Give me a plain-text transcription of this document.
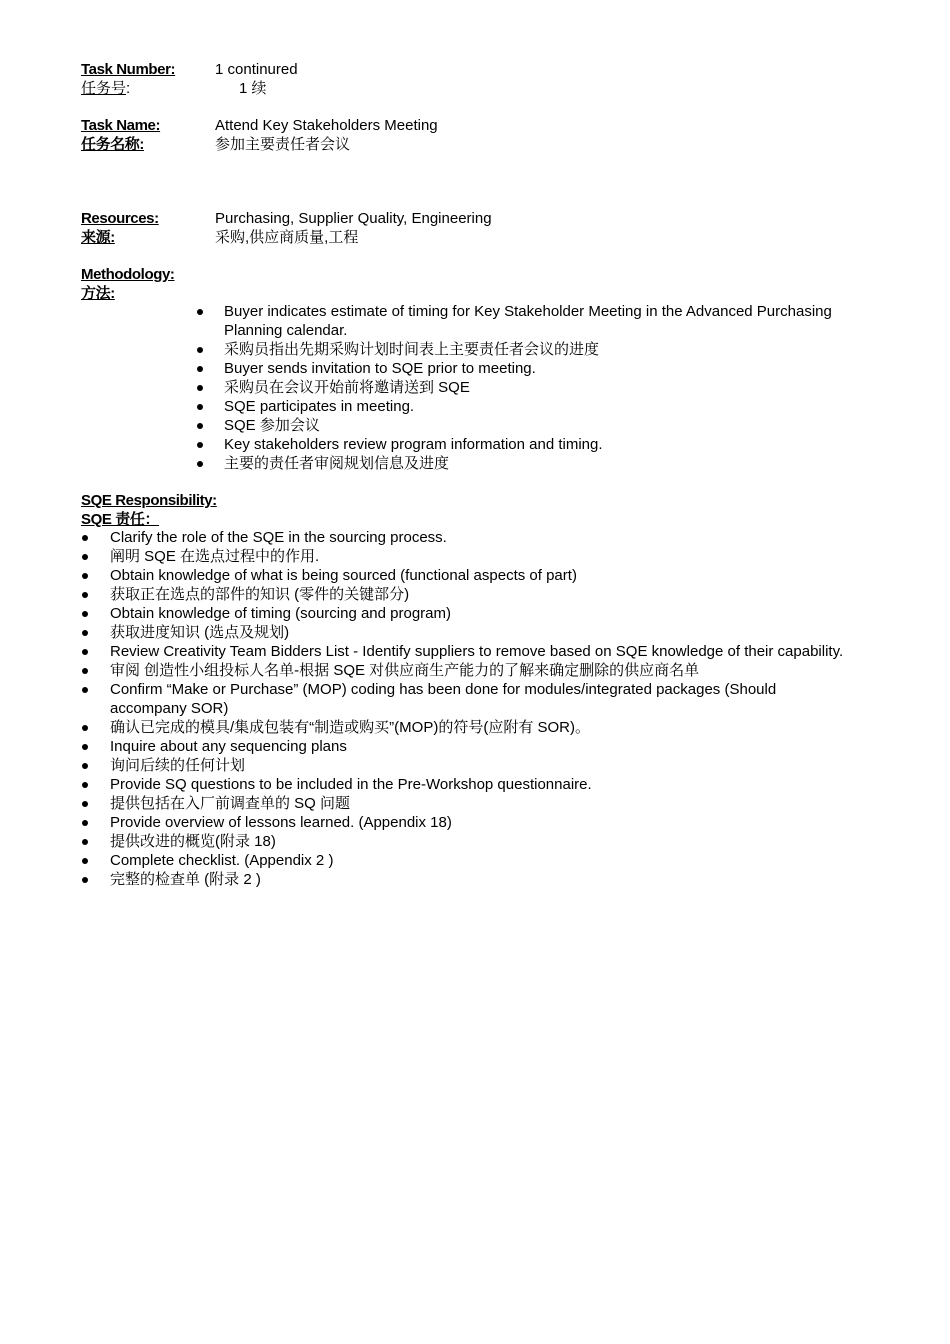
Task Number:	1 continured
任务号:	1 续
Task Name:	Attend Key Stakeholders Meeting
任务名称:	参加主要责任者会议
Resources:	Purchasing, Supplier Quality, Engineering
来源:	采购,供应商质量,工程
Methodology:
方法:
Buyer indicates estimate of timing for Key Stakeholder Meeting in the Advanced Purchasing Planning calendar.
采购员指出先期采购计划时间表上主要责任者会议的进度
Buyer sends invitation to SQE prior to meeting.
采购员在会议开始前将邀请送到 SQE
SQE participates in meeting.
SQE 参加会议
Key stakeholders review program information and timing.
主要的责任者审阅规划信息及进度
SQE Responsibility:
SQE 责任：
Clarify the role of the SQE in the sourcing process.
阐明 SQE 在选点过程中的作用.
Obtain knowledge of what is being sourced (functional aspects of part)
获取正在选点的部件的知识 (零件的关键部分)
Obtain knowledge of timing (sourcing and program)
获取进度知识 (选点及规划)
Review Creativity Team Bidders List - Identify suppliers to remove based on SQE knowledge of their capability.
审阅 创造性小组投标人名单-根据 SQE 对供应商生产能力的了解来确定删除的供应商名单
Confirm “Make or Purchase” (MOP) coding has been done for modules/integrated packages (Should accompany SOR)
确认已完成的模具/集成包装有“制造或购买”(MOP)的符号(应附有 SOR)。
Inquire about any sequencing plans
询问后续的任何计划
Provide SQ questions to be included in the Pre-Workshop questionnaire.
提供包括在入厂前调查单的 SQ 问题
Provide overview of lessons learned. (Appendix 18)
提供改进的概览(附录 18)
Complete checklist. (Appendix 2 )
完整的检查单 (附录 2 )
